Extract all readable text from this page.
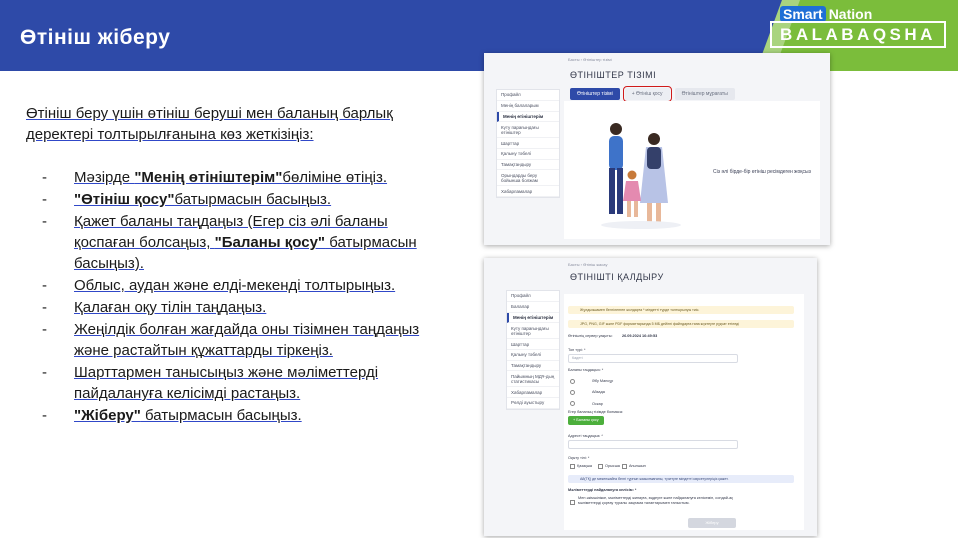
Өтініш жіберу
Smart Nation
BALABAQSHA

Өтініш беру үшін өтініш беруші мен баланың барлық деректері толтырылғанына көз жеткізіңіз:

- Мәзірде "Менің өтініштерім"бөліміне өтіңіз.
- "Өтініш қосу"батырмасын басыңыз.
- Қажет баланы таңдаңыз (Егер сіз әлі баланы қоспаған болсаңыз, "Баланы қосу" батырмасын басыңыз).
- Облыс, аудан және елді-мекенді толтырыңыз.
- Қалаған оқу тілін таңдаңыз.
- Жеңілдік болған жағдайда оны тізімнен таңдаңыз және растайтын құжаттарды тіркеңіз.
- Шарттармен танысыңыз және мәліметтерді пайдалануға келісімді растаңыз.
- "Жіберу" батырмасын басыңыз.
Басты › Өтініштер тізімі
ӨТІНІШТЕР ТІЗІМІ
Өтініштер тізімі	+ Өтініш қосу	Өтініштер мұрағаты
Профайл
Менің балаларым
Менің өтініштерім
Күту парағындағы өтініштер
Шарттар
Қалыну тәбелі
Тамақтандыру
Орындарды беру бойынша болжам
Хабарламалар
Сіз әлі бірде-бір өтініш ресімдеген жоқсыз
Басты › Өтініш жасау
ӨТІНІШТІ ҚАЛДЫРУ
Профайл
Балалар
Менің өтініштерім
Күту парағындағы өтініштер
Шарттар
Қалыну тәбелі
Тамақтандыру
Пайымның МДҰ-дың статистикасы
Хабарламалар
Рөлді ауыстыру
Жұлдызшамен белгіленген жолдарға * міндетті түрде толтырылуы тиіс.
JPG, PNG, GIF және PDF форматтарында 5 МБ дейінгі файлдарға ғана жүктеуге рұқсат етіледі
Өтініштің сервер уақыты: 26.09.2024 16:49:53
Топ түрі: *
Кадеті
Баланы таңдаңыз: *
Әбу Мансұр
Айзада
Оскар
Егер баланың тізімде болмаса:
+ Баланы қосу
Адресті таңдаңыз: *
Оқыту тілі: *
Қазақша	Орысша Ағылшын
Ай(ТҚ) де мекенжайға белгі тұрғын жазылмағаны, түзетуге міндетті көрсетулеріңіз қажет.
Мәліметтерді пайдалануға келісім: *
Мен әкімшілікке, мәліметтерді жинауға, өңдеуге және пайдалануға келісемін, сондай-ақ мәліметтерді қорғау туралы заңнама талаптарымен таныстым.
Жіберу
